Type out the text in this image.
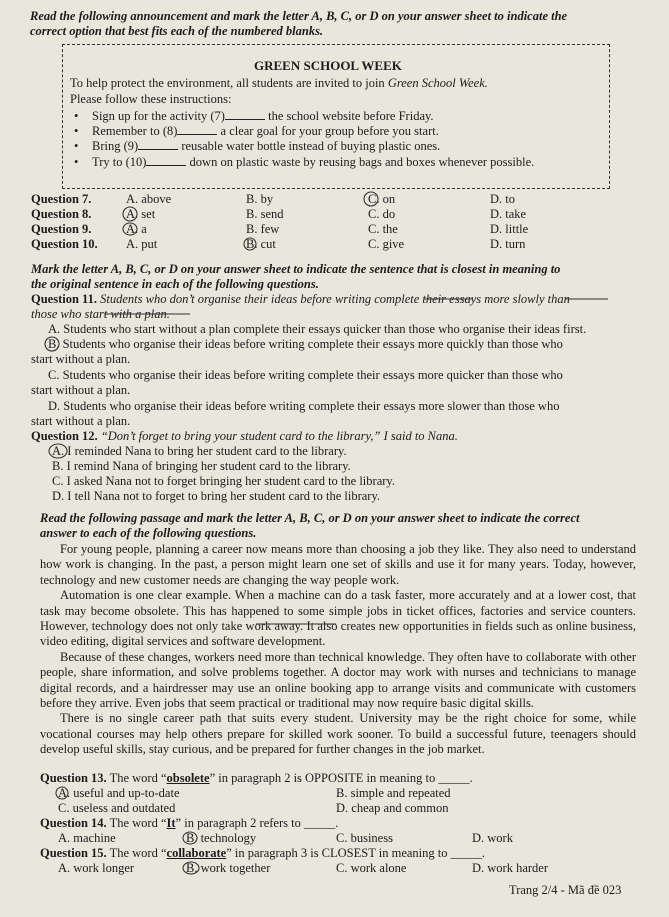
Read the following announcement and mark the letter A, B, C, or D on your answer sheet to indicate the
correct option that best fits each of the numbered blanks.
GREEN SCHOOL WEEK
To help protect the environment, all students are invited to join Green School Week.
Please follow these instructions:
• Sign up for the activity (7)	the school website before Friday.
• Remember to (8)	a clear goal for your group before you start.
• Bring (9)	reusable water bottle instead of buying plastic ones.
• Try to (10)	down on plastic waste by reusing bags and boxes whenever possible.
Question 7.	A. above	B. by	C. on	D. to
Question 8.	A. set	B. send	C. do	D. take
Question 9.	A. a	B. few	C. the	D. little
Question 10. A. put	B. cut	C. give	D. turn
Mark the letter A, B, C, or D on your answer sheet to indicate the sentence that is closest in meaning to
the original sentence in each of the following questions.
Question 11. Students who don’t organise their ideas before writing complete their essays more slowly than
those who start with a plan.
A. Students who start without a plan complete their essays quicker than those who organise their ideas first.
B. Students who organise their ideas before writing complete their essays more quickly than those who
start without a plan.
C. Students who organise their ideas before writing complete their essays more quicker than those who
start without a plan.
D. Students who organise their ideas before writing complete their essays more slower than those who
start without a plan.
Question 12. “Don’t forget to bring your student card to the library,” I said to Nana.
A. I reminded Nana to bring her student card to the library.
B. I remind Nana of bringing her student card to the library.
C. I asked Nana not to forget bringing her student card to the library.
D. I tell Nana not to forget to bring her student card to the library.
Read the following passage and mark the letter A, B, C, or D on your answer sheet to indicate the correct
answer to each of the following questions.

For young people, planning a career now means more than choosing a job they like. They also need to understand how work is changing. In the past, a person might learn one set of skills and use it for many years. Today, however, technology and new customer needs are changing the way people work.

Automation is one clear example. When a machine can do a task faster, more accurately and at a lower cost, that task may become obsolete. This has happened to some simple jobs in ticket offices, factories and service counters. However, technology does not only take work away. It also creates new opportunities in fields such as online business, video editing, digital services and software development.

Because of these changes, workers need more than technical knowledge. They often have to collaborate with other people, share information, and solve problems together. A doctor may work with nurses and technicians to manage digital records, and a hairdresser may use an online booking app to arrange visits and communicate with customers before they arrive. Even jobs that seem practical or traditional may now require basic digital skills.

There is no single career path that suits every student. University may be the right choice for some, while vocational courses may help others prepare for skilled work sooner. To build a successful future, teenagers should develop useful skills, stay curious, and be prepared for further changes in the job market.

Question 13. The word “obsolete” in paragraph 2 is OPPOSITE in meaning to _____.
A. useful and up-to-date	B. simple and repeated
C. useless and outdated	D. cheap and common
Question 14. The word “It” in paragraph 2 refers to _____.
A. machine	B. technology	C. business	D. work
Question 15. The word “collaborate” in paragraph 3 is CLOSEST in meaning to _____.
A. work longer	B. work together	C. work alone	D. work harder
Trang 2/4 - Mã đề 023
